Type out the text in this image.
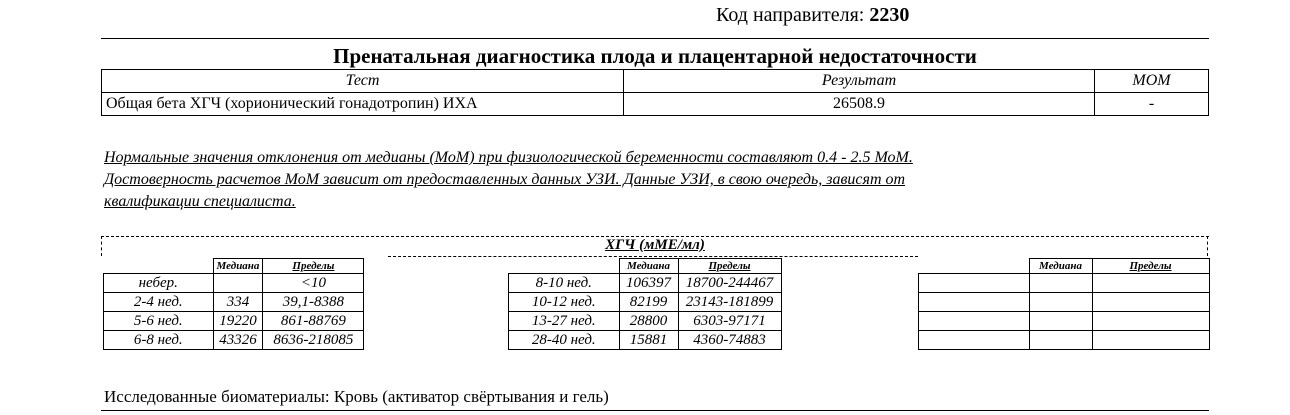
Код направителя: 2230
Пренатальная диагностика плода и плацентарной недостаточности
Тест	Результат	МОМ
Общая бета ХГЧ (хорионический гонадотропин) ИХА	26508.9	-
Нормальные значения отклонения от медианы (МоМ) при физиологической беременности составляют 0.4 - 2.5 МоМ.
Достоверность расчетов МоМ зависит от предоставленных данных УЗИ. Данные УЗИ, в свою очередь, зависят от
квалификации специалиста.
ХГЧ (мМЕ/мл)
	Медиана	Пределы
небер.		<10
2-4 нед.	334	39,1-8388
5-6 нед.	19220	861-88769
6-8 нед.	43326	8636-218085
	Медиана	Пределы
8-10 нед.	106397	18700-244467
10-12 нед.	82199	23143-181899
13-27 нед.	28800	6303-97171
28-40 нед.	15881	4360-74883
	Медиана	Пределы

Исследованные биоматериалы: Кровь (активатор свёртывания и гель)
